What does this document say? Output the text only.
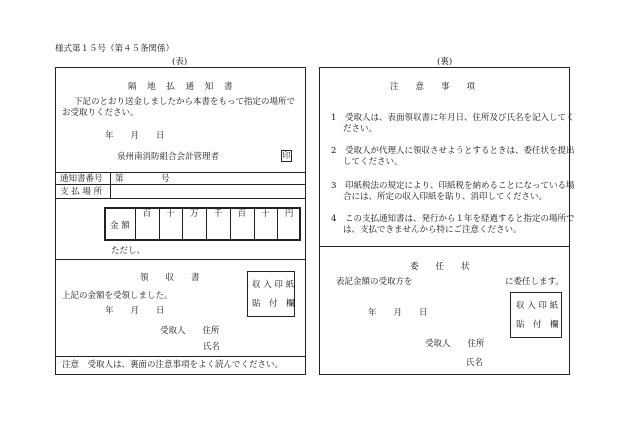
様式第１５号（第４５条関係）
(表)	(裏)
隔 地 払 通 知 書
下記のとおり送金しましたから本書をもって指定の場所でお受取りください。
年　　月　　日
泉州南消防組合会計管理者	印
通知書番号 第	号
支 払 場 所
金 額
百	十	万	千	百	十	円
ただし、
領　　収　　書
上記の金額を受領しました。
年　　月　　日
収 入 印 紙
貼　付　欄
受取人　　住所
氏名
注意　受取人は、裏面の注意事項をよく読んでください。
注　　意　　事　　項
1　 受取人は、表面領収書に年月日、住所及び氏名を記入してください。
2　 受取人が代理人に領収させようとするときは、委任状を提出してください。
3　 印紙税法の規定により、印紙税を納めることになっている場合には、所定の収入印紙を貼り、消印してください。
4　 この支払通知書は、発行から１年を経過すると指定の場所では、支払できませんから特にご注意ください。
委　　任　　状
表記金額の受取方を	に委任します。
年　　月　　日
収 入 印 紙
貼　付　欄
受取人　　住所
氏名
